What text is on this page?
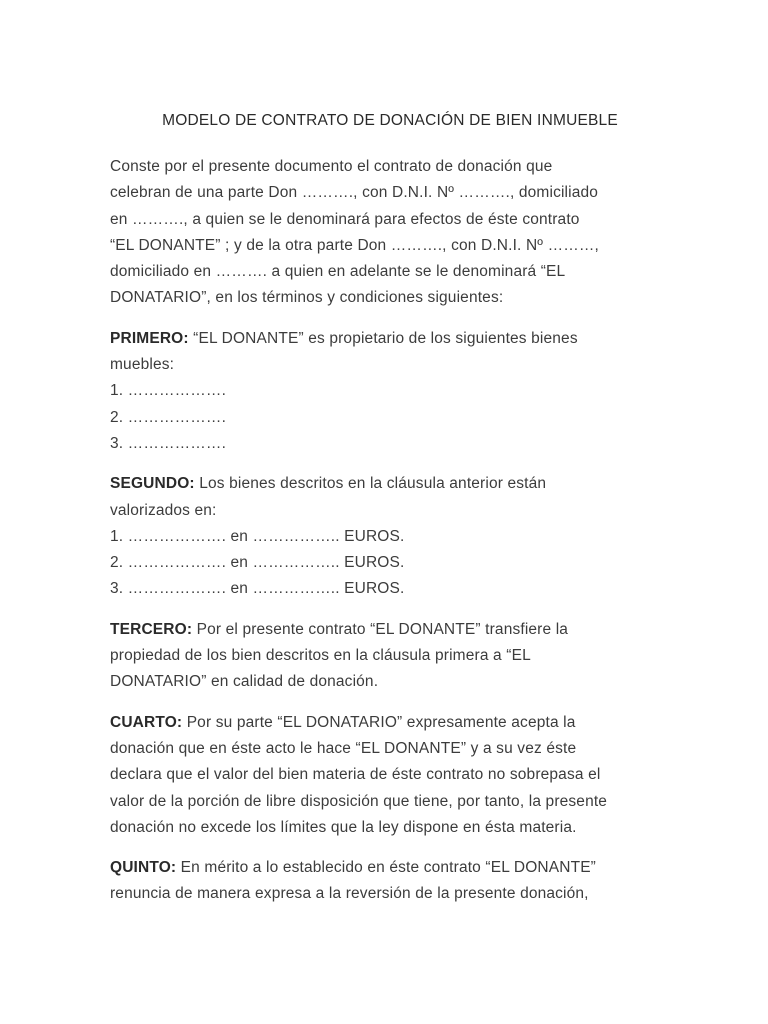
MODELO DE CONTRATO DE DONACIÓN DE BIEN INMUEBLE

Conste por el presente documento el contrato de donación que
celebran de una parte Don ………., con D.N.I. Nº ………., domiciliado
en ………., a quien se le denominará para efectos de éste contrato
“EL DONANTE” ; y de la otra parte Don ………., con D.N.I. Nº ………,
domiciliado en ………. a quien en adelante se le denominará “EL
DONATARIO”, en los términos y condiciones siguientes:

PRIMERO: “EL DONANTE” es propietario de los siguientes bienes
muebles:
1. ……………….
2. ……………….
3. ……………….

SEGUNDO: Los bienes descritos en la cláusula anterior están
valorizados en:
1. ………………. en …………….. EUROS.
2. ………………. en …………….. EUROS.
3. ………………. en …………….. EUROS.

TERCERO: Por el presente contrato “EL DONANTE” transfiere la
propiedad de los bien descritos en la cláusula primera a “EL
DONATARIO” en calidad de donación.

CUARTO: Por su parte “EL DONATARIO” expresamente acepta la
donación que en éste acto le hace “EL DONANTE” y a su vez éste
declara que el valor del bien materia de éste contrato no sobrepasa el
valor de la porción de libre disposición que tiene, por tanto, la presente
donación no excede los límites que la ley dispone en ésta materia.

QUINTO: En mérito a lo establecido en éste contrato “EL DONANTE”
renuncia de manera expresa a la reversión de la presente donación,
